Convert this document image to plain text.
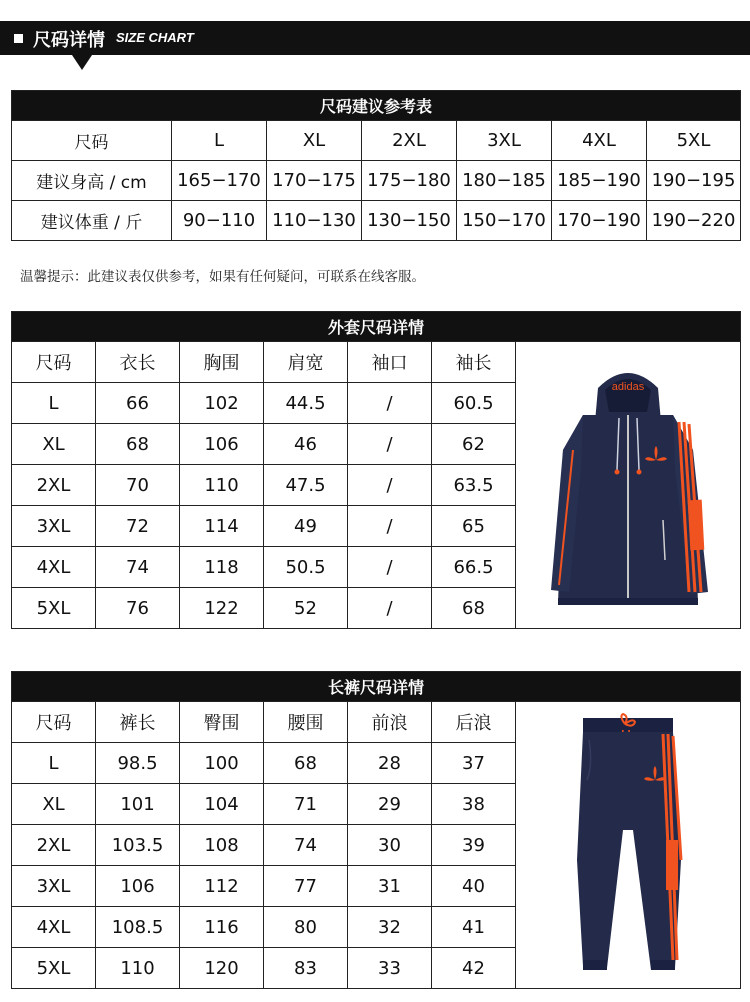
尺码详情 SIZE CHART
尺码建议参考表						
尺码	L	XL	2XL	3XL	4XL	5XL
建议身高 / cm	165−170	170−175	175−180	180−185	185−190	190−195
建议体重 / 斤	90−110	110−130	130−150	150−170	170−190	190−220
温馨提示：此建议表仅供参考，如果有任何疑问，可联系在线客服。
外套尺码详情						
尺码	衣长	胸围	肩宽	袖口	袖长	adidas

L	66	102	44.5	/	60.5	
XL	68	106	46	/	62	
2XL	70	110	47.5	/	63.5	
3XL	72	114	49	/	65	
4XL	74	118	50.5	/	66.5	
5XL	76	122	52	/	68	
长裤尺码详情						
尺码	裤长	臀围	腰围	前浪	后浪	

L	98.5	100	68	28	37	
XL	101	104	71	29	38	
2XL	103.5	108	74	30	39	
3XL	106	112	77	31	40	
4XL	108.5	116	80	32	41	
5XL	110	120	83	33	42	
